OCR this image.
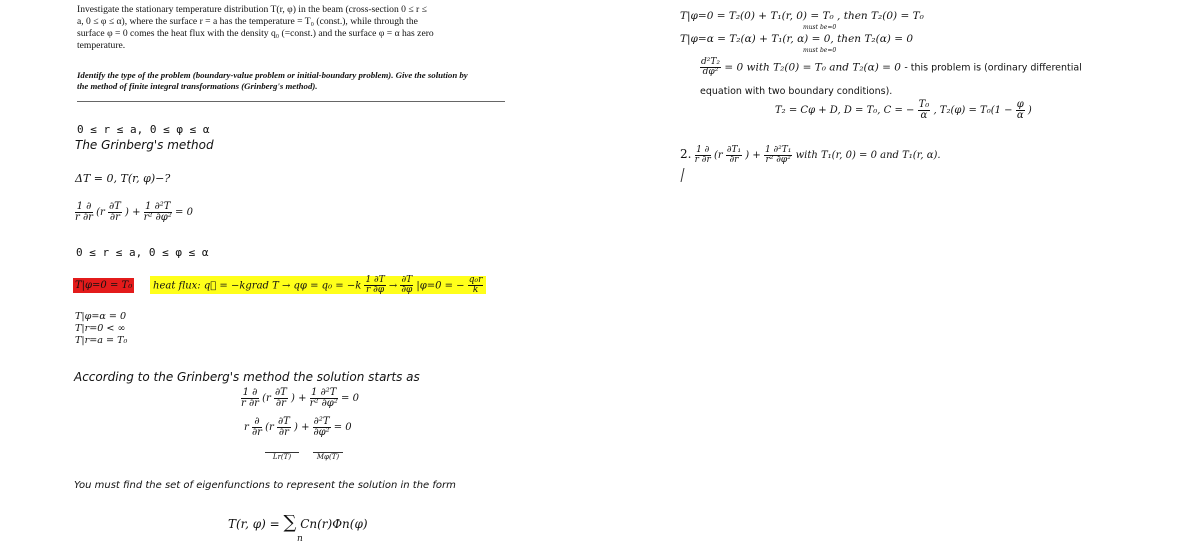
Investigate the stationary temperature distribution T(r, φ) in the beam (cross-section 0 ≤ r ≤

a, 0 ≤ φ ≤ α), where the surface r = a has the temperature = T₀ (const.), while through the

surface φ = 0 comes the heat flux with the density q₀ (=const.) and the surface φ = α has zero

temperature.

Identify the type of the problem (boundary-value problem or initial-boundary problem). Give the solution by
the method of finite integral transformations (Grinberg's method).
0 ≤ r ≤ a, 0 ≤ φ ≤ α
The Grinberg's method
ΔT = 0, T(r, φ)−?
$\frac{1 \partial}{r \partial r} (r \frac{\partial T}{\partial r}$ ) + $\frac{\text{1 ∂²T}}{\text{r² ∂φ²}} = 0$
0 ≤ r ≤ a, 0 ≤ φ ≤ α
T|φ=0 = T₀	heat flux: q⃗ = −kgrad $T \to q\varphi = q_0 = -k \frac{1 \partial T}{r \partial\varphi} \to \frac{\partial T}{\partial\varphi} |\varphi=0$ = − $\frac{\text{q₀r}}{k}$
T|φ=α = 0
T|r=0 < ∞
T|r=a = T₀
According to the Grinberg's method the solution starts as
$\frac{1 \partial}{r \partial r} (r \frac{\partial T}{\partial r}$ ) + $\frac{\text{1 ∂²T}}{\text{r² ∂φ²}} = 0$
r $\frac{\partial}{\partial r} (r \frac{\partial T}{\partial r}$ ) + $\frac{\text{∂²T}}{\text{∂φ²}} = 0$
Lr(T)	Mφ(T)
You must find the set of eigenfunctions to represent the solution in the form
T(r, φ) = ∑ Cn(r)Φn(φ)
n
T|φ=0 = T₂(0) + T₁(r, 0) = T₀ , then T₂(0) = T₀
must be=0
T|φ=α = T₂(α) + T₁(r, α) = 0, then T₂(α) = 0
must be=0
$\frac{\text{d²T₂}}{\text{dφ²}} = 0$ with T₂(0) = T₀ and T₂(α) = 0 - this problem is (ordinary differential
equation with two boundary conditions).
T₂ = Cφ + D, D = T₀, C = − $\frac{\text{T₀}}{\alpha}$ , $T_2(\varphi) = T_0(1 - \frac{\varphi}{\alpha}$ )
2. $\frac{1 \partial}{r \partial r} (r \frac{\text{∂T₁}}{\partial r}$ ) + $\frac{\text{1 ∂²T₁}}{\text{r² ∂φ²}}$ with T₁(r, 0) = 0 and T₁(r, α).
